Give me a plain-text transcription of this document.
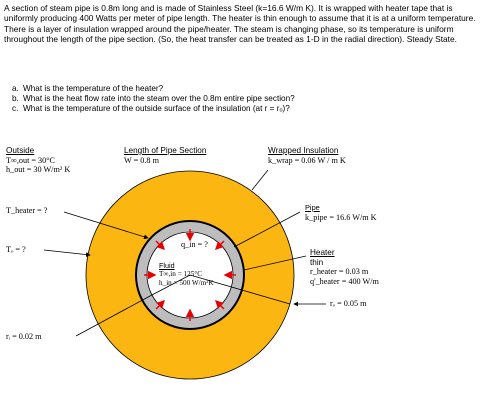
A section of steam pipe is 0.8m long and is made of Stainless Steel (k=16.6 W/m K). It is wrapped with heater tape that is uniformly producing 400 Watts per meter of pipe length. The heater is thin enough to assume that it is at a uniform temperature. There is a layer of insulation wrapped around the pipe/heater. The steam is changing phase, so its temperature is uniform throughout the length of the pipe section. (So, the heat transfer can be treated as 1-D in the radial direction). Steady State.
a. What is the temperature of the heater?
b. What is the heat flow rate into the steam over the 0.8m entire pipe section?
c. What is the temperature of the outside surface of the insulation (at r = rₒ)?
Outside
T∞,out = 30°C
h_out = 30 W/m² K
Length of Pipe Section
W = 0.8 m
Wrapped Insulation
k_wrap = 0.06 W / m K
Pipe
k_pipe = 16.6 W/m K
Heater
thin
r_heater = 0.03 m
q'_heater = 400 W/m
T_heater = ?
Tₒ = ?
q_in = ?
Fluid
T∞,in = 125°C
h_in = 500 W/m²K
rₒ = 0.05 m
rᵢ = 0.02 m
